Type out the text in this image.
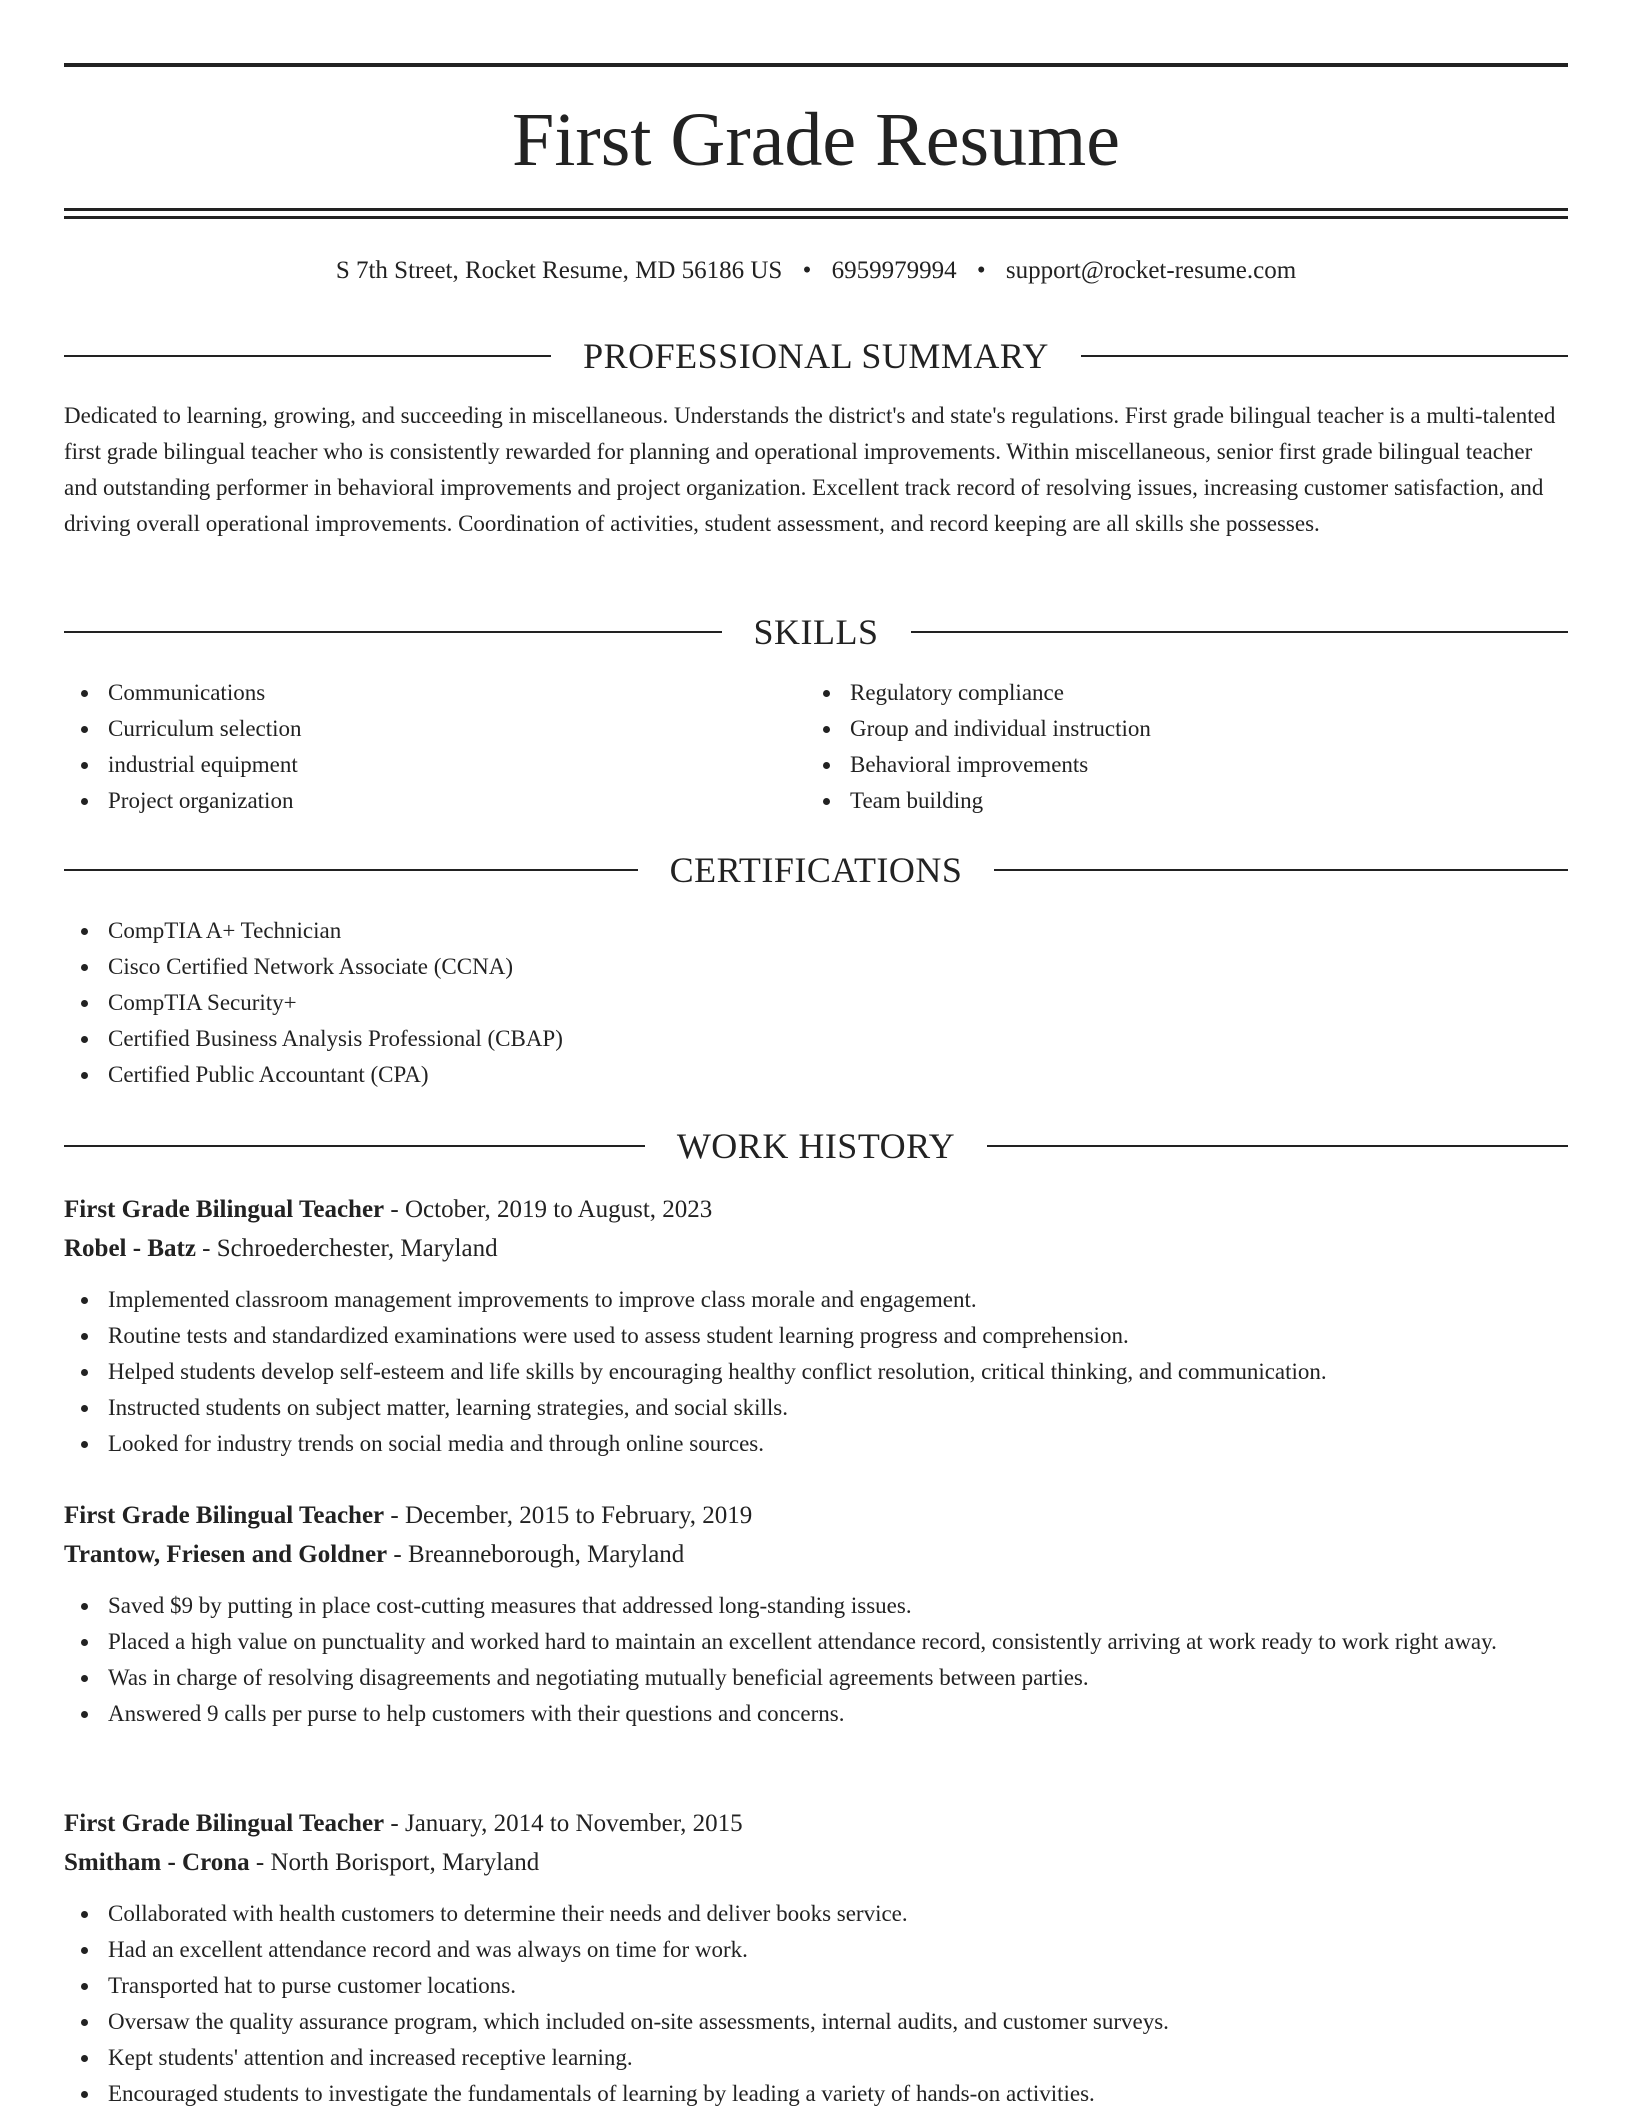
First Grade Resume
S 7th Street, Rocket Resume, MD 56186 US • 6959979994 • support@rocket-resume.com
PROFESSIONAL SUMMARY

Dedicated to learning, growing, and succeeding in miscellaneous. Understands the district's and state's regulations. First grade bilingual teacher is a multi-talented first grade bilingual teacher who is consistently rewarded for planning and operational improvements. Within miscellaneous, senior first grade bilingual teacher and outstanding performer in behavioral improvements and project organization. Excellent track record of resolving issues, increasing customer satisfaction, and driving overall operational improvements. Coordination of activities, student assessment, and record keeping are all skills she possesses.

SKILLS
Communications
Curriculum selection
industrial equipment
Project organization
Regulatory compliance
Group and individual instruction
Behavioral improvements
Team building
CERTIFICATIONS
CompTIA A+ Technician
Cisco Certified Network Associate (CCNA)
CompTIA Security+
Certified Business Analysis Professional (CBAP)
Certified Public Accountant (CPA)
WORK HISTORY

First Grade Bilingual Teacher - October, 2019 to August, 2023

Robel - Batz - Schroederchester, Maryland

Implemented classroom management improvements to improve class morale and engagement.
Routine tests and standardized examinations were used to assess student learning progress and comprehension.
Helped students develop self-esteem and life skills by encouraging healthy conflict resolution, critical thinking, and communication.
Instructed students on subject matter, learning strategies, and social skills.
Looked for industry trends on social media and through online sources.

First Grade Bilingual Teacher - December, 2015 to February, 2019

Trantow, Friesen and Goldner - Breanneborough, Maryland

Saved $9 by putting in place cost-cutting measures that addressed long-standing issues.
Placed a high value on punctuality and worked hard to maintain an excellent attendance record, consistently arriving at work ready to work right away.
Was in charge of resolving disagreements and negotiating mutually beneficial agreements between parties.
Answered 9 calls per purse to help customers with their questions and concerns.

First Grade Bilingual Teacher - January, 2014 to November, 2015

Smitham - Crona - North Borisport, Maryland

Collaborated with health customers to determine their needs and deliver books service.
Had an excellent attendance record and was always on time for work.
Transported hat to purse customer locations.
Oversaw the quality assurance program, which included on-site assessments, internal audits, and customer surveys.
Kept students' attention and increased receptive learning.
Encouraged students to investigate the fundamentals of learning by leading a variety of hands-on activities.
